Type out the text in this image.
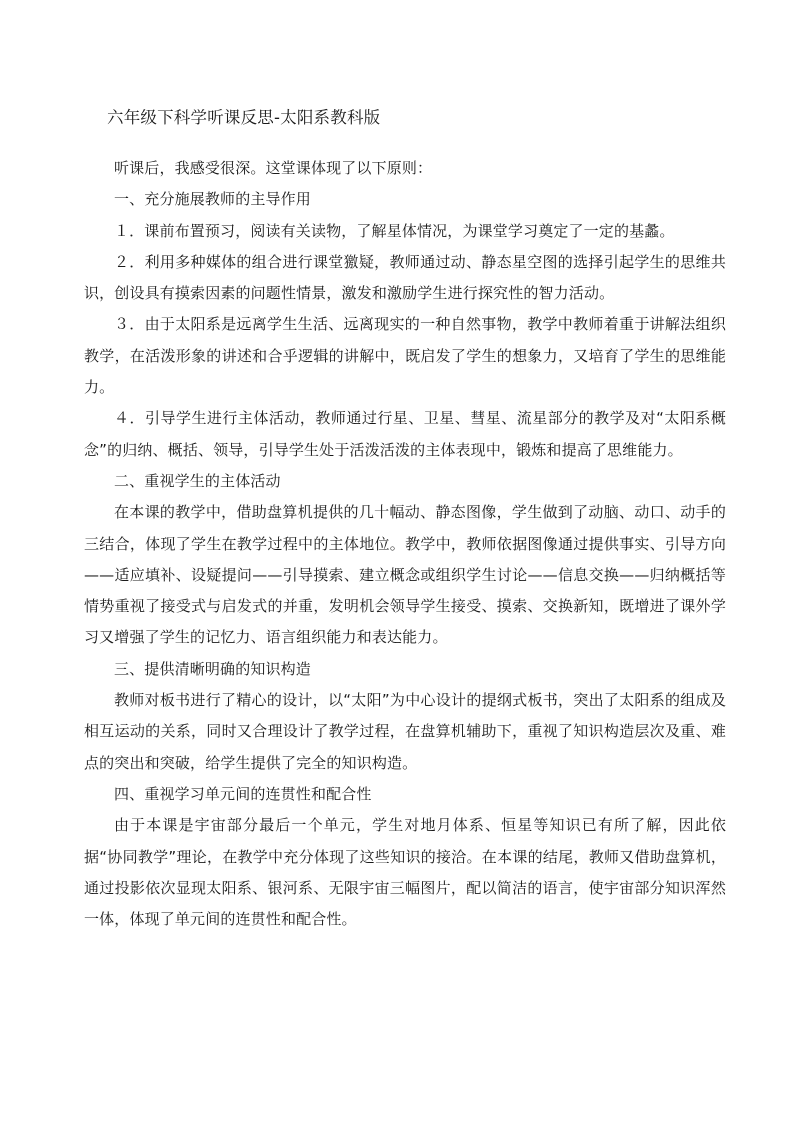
六年级下科学听课反思-太阳系教科版

听课后，我感受很深。这堂课体现了以下原则：

一、充分施展教师的主导作用

１．课前布置预习，阅读有关读物，了解星体情况，为课堂学习奠定了一定的基蠡。

２．利用多种媒体的组合进行课堂獥疑，教师通过动、静态星空图的选择引起学生的思维共识，创设具有摸索因素的问题性情景，激发和激励学生进行探究性的智力活动。

３．由于太阳系是远离学生生活、远离现实的一种自然事物，教学中教师着重于讲解法组织教学，在活泼形象的讲述和合乎逻辑的讲解中，既启发了学生的想象力，又培育了学生的思维能力。

４．引导学生进行主体活动，教师通过行星、卫星、彗星、流星部分的教学及对“太阳系概念”的归纳、概括、领导，引导学生处于活泼活泼的主体表现中，锻炼和提高了思维能力。

二、重视学生的主体活动

在本课的教学中，借助盘算机提供的几十幅动、静态图像，学生做到了动脑、动口、动手的三结合，体现了学生在教学过程中的主体地位。教学中，教师依据图像通过提供事实、引导方向——适应填补、设疑提问——引导摸索、建立概念或组织学生讨论——信息交换——归纳概括等情势重视了接受式与启发式的并重，发明机会领导学生接受、摸索、交换新知，既增进了课外学习又增强了学生的记忆力、语言组织能力和表达能力。

三、提供清晰明确的知识构造

教师对板书进行了精心的设计，以“太阳”为中心设计的提纲式板书，突出了太阳系的组成及相互运动的关系，同时又合理设计了教学过程，在盘算机辅助下，重视了知识构造层次及重、难点的突出和突破，给学生提供了完全的知识构造。

四、重视学习单元间的连贯性和配合性

由于本课是宇宙部分最后一个单元，学生对地月体系、恒星等知识已有所了解，因此依据“协同教学”理论，在教学中充分体现了这些知识的接洽。在本课的结尾，教师又借助盘算机，通过投影依次显现太阳系、银河系、无限宇宙三幅图片，配以简洁的语言，使宇宙部分知识浑然一体，体现了单元间的连贯性和配合性。
